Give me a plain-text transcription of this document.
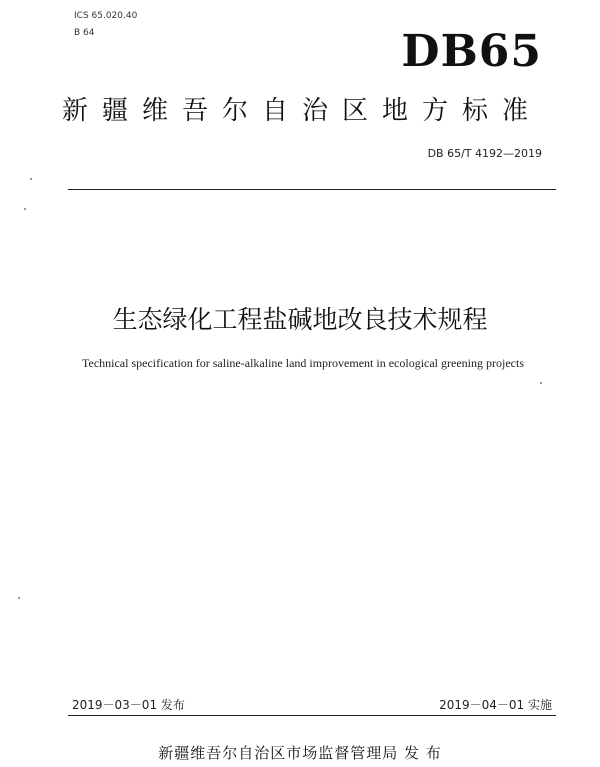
ICS 65.020.40
B 64	DB65
新疆维吾尔自治区地方标准
DB 65/T 4192—2019
生态绿化工程盐碱地改良技术规程
Technical specification for saline-alkaline land improvement in ecological greening projects
2019－03－01 发布	2019－04－01 实施
新疆维吾尔自治区市场监督管理局 发 布
